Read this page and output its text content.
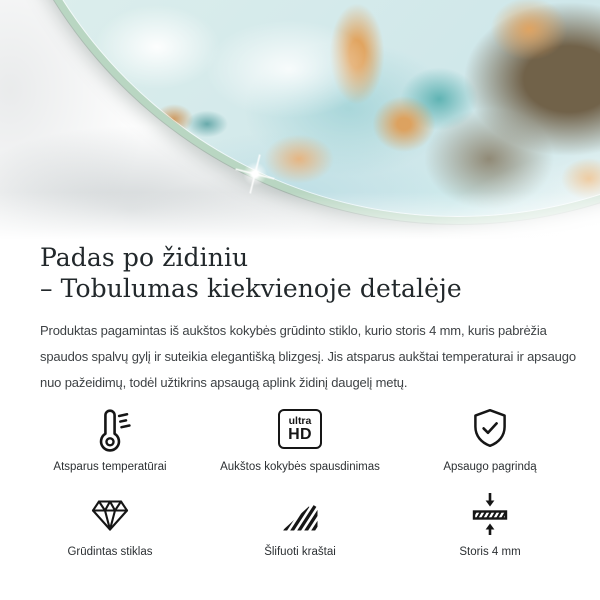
Padas po židiniu
– Tobulumas kiekvienoje detalėje

Produktas pagamintas iš aukštos kokybės grūdinto stiklo, kurio storis 4 mm, kuris pabrėžia spaudos spalvų gylį ir suteikia elegantišką blizgesį. Jis atsparus aukštai temperaturai ir apsaugo nuo pažeidimų, todėl užtikrins apsaugą aplink židinį daugelį metų.

Atsparus temperatūrai
ultra
HD
Aukštos kokybės spausdinimas	Apsaugo pagrindą
Grūdintas stiklas	Šlifuoti kraštai	Storis 4 mm
